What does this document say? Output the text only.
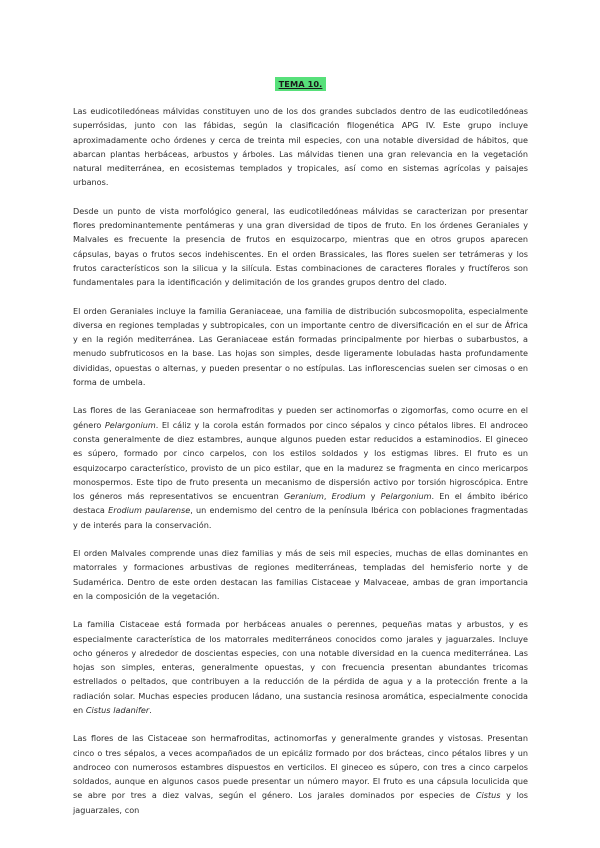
TEMA 10.

Las eudicotiledóneas málvidas constituyen uno de los dos grandes subclados dentro de las eudicotiledóneas superrósidas, junto con las fábidas, según la clasificación filogenética APG IV. Este grupo incluye aproximadamente ocho órdenes y cerca de treinta mil especies, con una notable diversidad de hábitos, que abarcan plantas herbáceas, arbustos y árboles. Las málvidas tienen una gran relevancia en la vegetación natural mediterránea, en ecosistemas templados y tropicales, así como en sistemas agrícolas y paisajes urbanos.

Desde un punto de vista morfológico general, las eudicotiledóneas málvidas se caracterizan por presentar flores predominantemente pentámeras y una gran diversidad de tipos de fruto. En los órdenes Geraniales y Malvales es frecuente la presencia de frutos en esquizocarpo, mientras que en otros grupos aparecen cápsulas, bayas o frutos secos indehiscentes. En el orden Brassicales, las flores suelen ser tetrámeras y los frutos característicos son la silicua y la silícula. Estas combinaciones de caracteres florales y fructíferos son fundamentales para la identificación y delimitación de los grandes grupos dentro del clado.

El orden Geraniales incluye la familia Geraniaceae, una familia de distribución subcosmopolita, especialmente diversa en regiones templadas y subtropicales, con un importante centro de diversificación en el sur de África y en la región mediterránea. Las Geraniaceae están formadas principalmente por hierbas o subarbustos, a menudo subfruticosos en la base. Las hojas son simples, desde ligeramente lobuladas hasta profundamente divididas, opuestas o alternas, y pueden presentar o no estípulas. Las inflorescencias suelen ser cimosas o en forma de umbela.

Las flores de las Geraniaceae son hermafroditas y pueden ser actinomorfas o zigomorfas, como ocurre en el género Pelargonium. El cáliz y la corola están formados por cinco sépalos y cinco pétalos libres. El androceo consta generalmente de diez estambres, aunque algunos pueden estar reducidos a estaminodios. El gineceo es súpero, formado por cinco carpelos, con los estilos soldados y los estigmas libres. El fruto es un esquizocarpo característico, provisto de un pico estilar, que en la madurez se fragmenta en cinco mericarpos monospermos. Este tipo de fruto presenta un mecanismo de dispersión activo por torsión higroscópica. Entre los géneros más representativos se encuentran Geranium, Erodium y Pelargonium. En el ámbito ibérico destaca Erodium paularense, un endemismo del centro de la península Ibérica con poblaciones fragmentadas y de interés para la conservación.

El orden Malvales comprende unas diez familias y más de seis mil especies, muchas de ellas dominantes en matorrales y formaciones arbustivas de regiones mediterráneas, templadas del hemisferio norte y de Sudamérica. Dentro de este orden destacan las familias Cistaceae y Malvaceae, ambas de gran importancia en la composición de la vegetación.

La familia Cistaceae está formada por herbáceas anuales o perennes, pequeñas matas y arbustos, y es especialmente característica de los matorrales mediterráneos conocidos como jarales y jaguarzales. Incluye ocho géneros y alrededor de doscientas especies, con una notable diversidad en la cuenca mediterránea. Las hojas son simples, enteras, generalmente opuestas, y con frecuencia presentan abundantes tricomas estrellados o peltados, que contribuyen a la reducción de la pérdida de agua y a la protección frente a la radiación solar. Muchas especies producen ládano, una sustancia resinosa aromática, especialmente conocida en Cistus ladanifer.

Las flores de las Cistaceae son hermafroditas, actinomorfas y generalmente grandes y vistosas. Presentan cinco o tres sépalos, a veces acompañados de un epicáliz formado por dos brácteas, cinco pétalos libres y un androceo con numerosos estambres dispuestos en verticilos. El gineceo es súpero, con tres a cinco carpelos soldados, aunque en algunos casos puede presentar un número mayor. El fruto es una cápsula loculicida que se abre por tres a diez valvas, según el género. Los jarales dominados por especies de Cistus y los jaguarzales, con
